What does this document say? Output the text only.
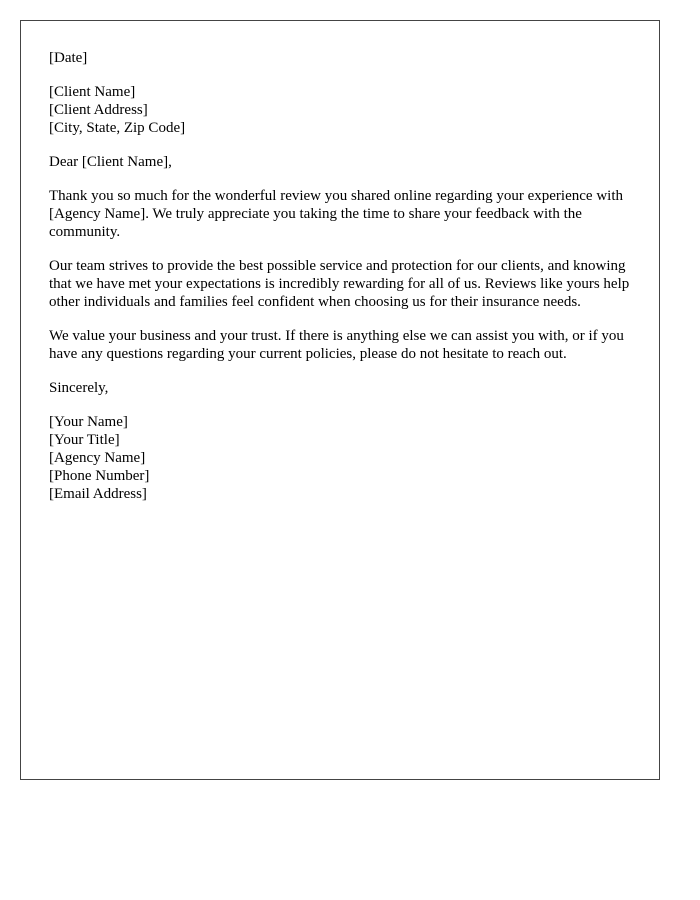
[Date]

[Client Name]

[Client Address]

[City, State, Zip Code]

Dear [Client Name],

Thank you so much for the wonderful review you shared online regarding your experience with [Agency Name]. We truly appreciate you taking the time to share your feedback with the community.

Our team strives to provide the best possible service and protection for our clients, and knowing that we have met your expectations is incredibly rewarding for all of us. Reviews like yours help other individuals and families feel confident when choosing us for their insurance needs.

We value your business and your trust. If there is anything else we can assist you with, or if you have any questions regarding your current policies, please do not hesitate to reach out.

Sincerely,

[Your Name]

[Your Title]

[Agency Name]

[Phone Number]

[Email Address]
